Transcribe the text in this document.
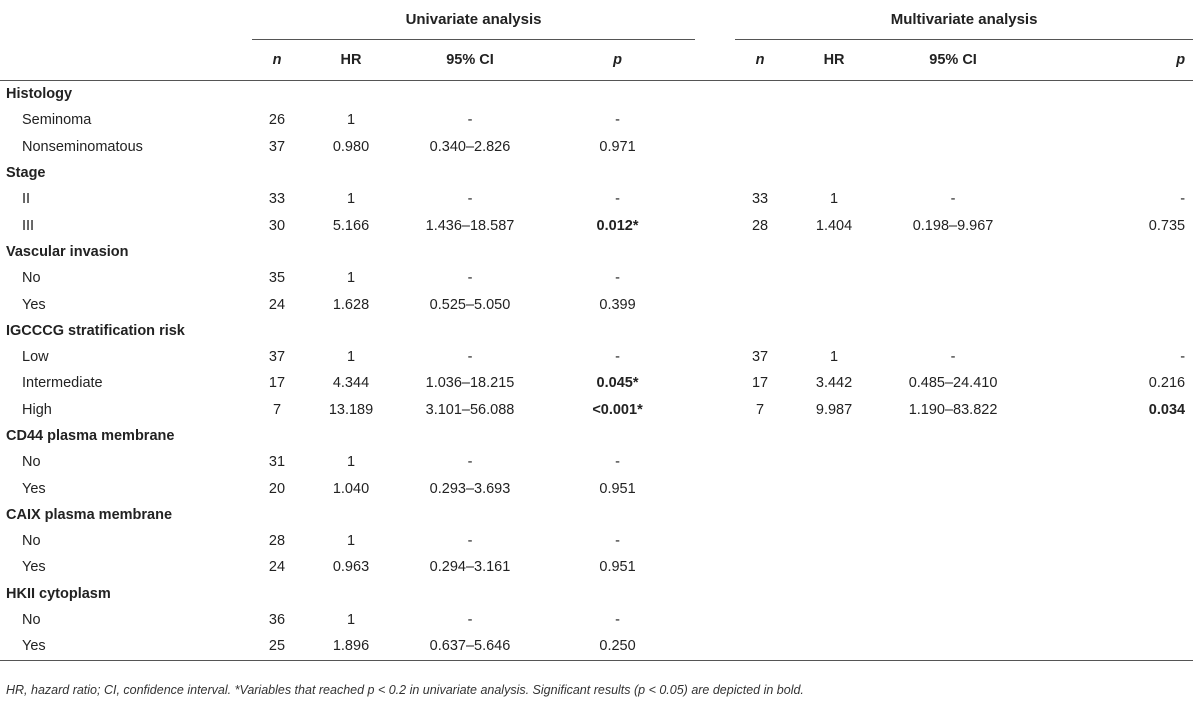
	Univariate analysis					Multivariate analysis			
	n	HR	95% CI	p		n	HR	95% CI	p
Histology									
Seminoma	26	1	-	-					
Nonseminomatous	37	0.980	0.340–2.826	0.971					
Stage									
II	33	1	-	-		33	1	-	-
III	30	5.166	1.436–18.587	0.012*		28	1.404	0.198–9.967	0.735
Vascular invasion									
No	35	1	-	-					
Yes	24	1.628	0.525–5.050	0.399					
IGCCCG stratification risk									
Low	37	1	-	-		37	1	-	-
Intermediate	17	4.344	1.036–18.215	0.045*		17	3.442	0.485–24.410	0.216
High	7	13.189	3.101–56.088	<0.001*		7	9.987	1.190–83.822	0.034
CD44 plasma membrane									
No	31	1	-	-					
Yes	20	1.040	0.293–3.693	0.951					
CAIX plasma membrane									
No	28	1	-	-					
Yes	24	0.963	0.294–3.161	0.951					
HKII cytoplasm									
No	36	1	-	-					
Yes	25	1.896	0.637–5.646	0.250					
HR, hazard ratio; CI, confidence interval. *Variables that reached p < 0.2 in univariate analysis. Significant results (p < 0.05) are depicted in bold.
